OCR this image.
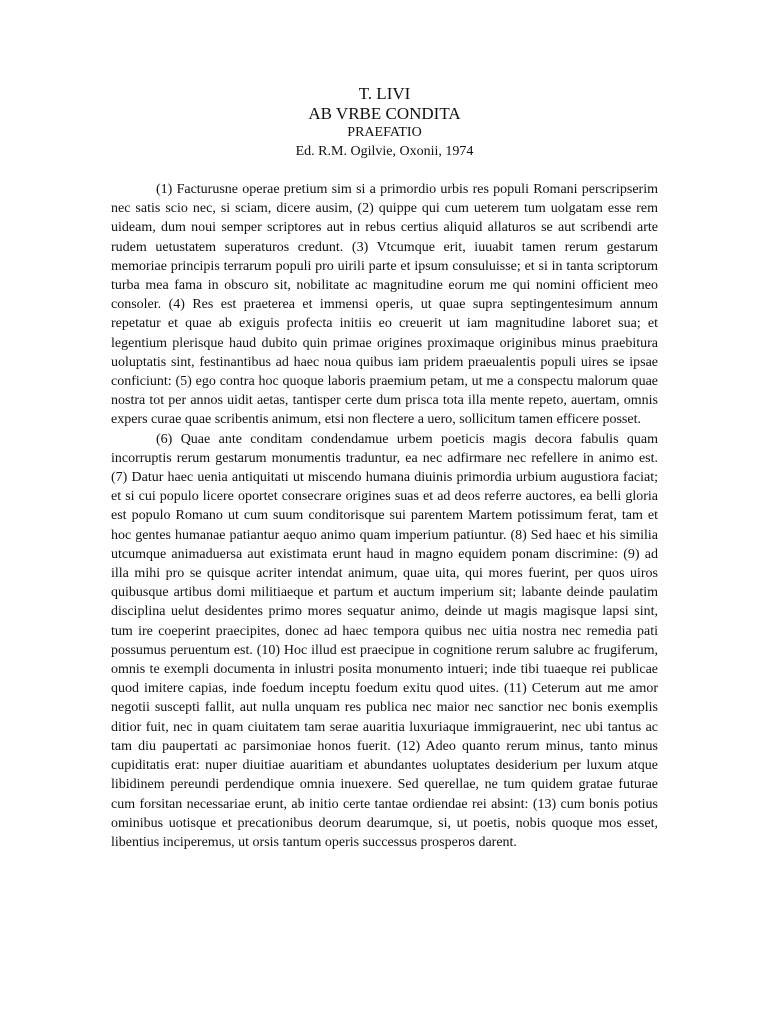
T. LIVI
AB VRBE CONDITA
PRAEFATIO
Ed. R.M. Ogilvie, Oxonii, 1974

(1) Facturusne operae pretium sim si a primordio urbis res populi Romani perscripserim nec satis scio nec, si sciam, dicere ausim, (2) quippe qui cum ueterem tum uolgatam esse rem uideam, dum noui semper scriptores aut in rebus certius aliquid allaturos se aut scribendi arte rudem uetustatem superaturos credunt. (3) Vtcumque erit, iuuabit tamen rerum gestarum memoriae principis terrarum populi pro uirili parte et ipsum consuluisse; et si in tanta scriptorum turba mea fama in obscuro sit, nobilitate ac magnitudine eorum me qui nomini officient meo consoler. (4) Res est praeterea et immensi operis, ut quae supra septingentesimum annum repetatur et quae ab exiguis profecta initiis eo creuerit ut iam magnitudine laboret sua; et legentium plerisque haud dubito quin primae origines proximaque originibus minus praebitura uoluptatis sint, festinantibus ad haec noua quibus iam pridem praeualentis populi uires se ipsae conficiunt: (5) ego contra hoc quoque laboris praemium petam, ut me a conspectu malorum quae nostra tot per annos uidit aetas, tantisper certe dum prisca tota illa mente repeto, auertam, omnis expers curae quae scribentis animum, etsi non flectere a uero, sollicitum tamen efficere posset.

(6) Quae ante conditam condendamue urbem poeticis magis decora fabulis quam incorruptis rerum gestarum monumentis traduntur, ea nec adfirmare nec refellere in animo est. (7) Datur haec uenia antiquitati ut miscendo humana diuinis primordia urbium augustiora faciat; et si cui populo licere oportet consecrare origines suas et ad deos referre auctores, ea belli gloria est populo Romano ut cum suum conditorisque sui parentem Martem potissimum ferat, tam et hoc gentes humanae patiantur aequo animo quam imperium patiuntur. (8) Sed haec et his similia utcumque animaduersa aut existimata erunt haud in magno equidem ponam discrimine: (9) ad illa mihi pro se quisque acriter intendat animum, quae uita, qui mores fuerint, per quos uiros quibusque artibus domi militiaeque et partum et auctum imperium sit; labante deinde paulatim disciplina uelut desidentes primo mores sequatur animo, deinde ut magis magisque lapsi sint, tum ire coeperint praecipites, donec ad haec tempora quibus nec uitia nostra nec remedia pati possumus peruentum est. (10) Hoc illud est praecipue in cognitione rerum salubre ac frugiferum, omnis te exempli documenta in inlustri posita monumento intueri; inde tibi tuaeque rei publicae quod imitere capias, inde foedum inceptu foedum exitu quod uites. (11) Ceterum aut me amor negotii suscepti fallit, aut nulla unquam res publica nec maior nec sanctior nec bonis exemplis ditior fuit, nec in quam ciuitatem tam serae auaritia luxuriaque immigrauerint, nec ubi tantus ac tam diu paupertati ac parsimoniae honos fuerit. (12) Adeo quanto rerum minus, tanto minus cupiditatis erat: nuper diuitiae auaritiam et abundantes uoluptates desiderium per luxum atque libidinem pereundi perdendique omnia inuexere. Sed querellae, ne tum quidem gratae futurae cum forsitan necessariae erunt, ab initio certe tantae ordiendae rei absint: (13) cum bonis potius ominibus uotisque et precationibus deorum dearumque, si, ut poetis, nobis quoque mos esset, libentius inciperemus, ut orsis tantum operis successus prosperos darent.
